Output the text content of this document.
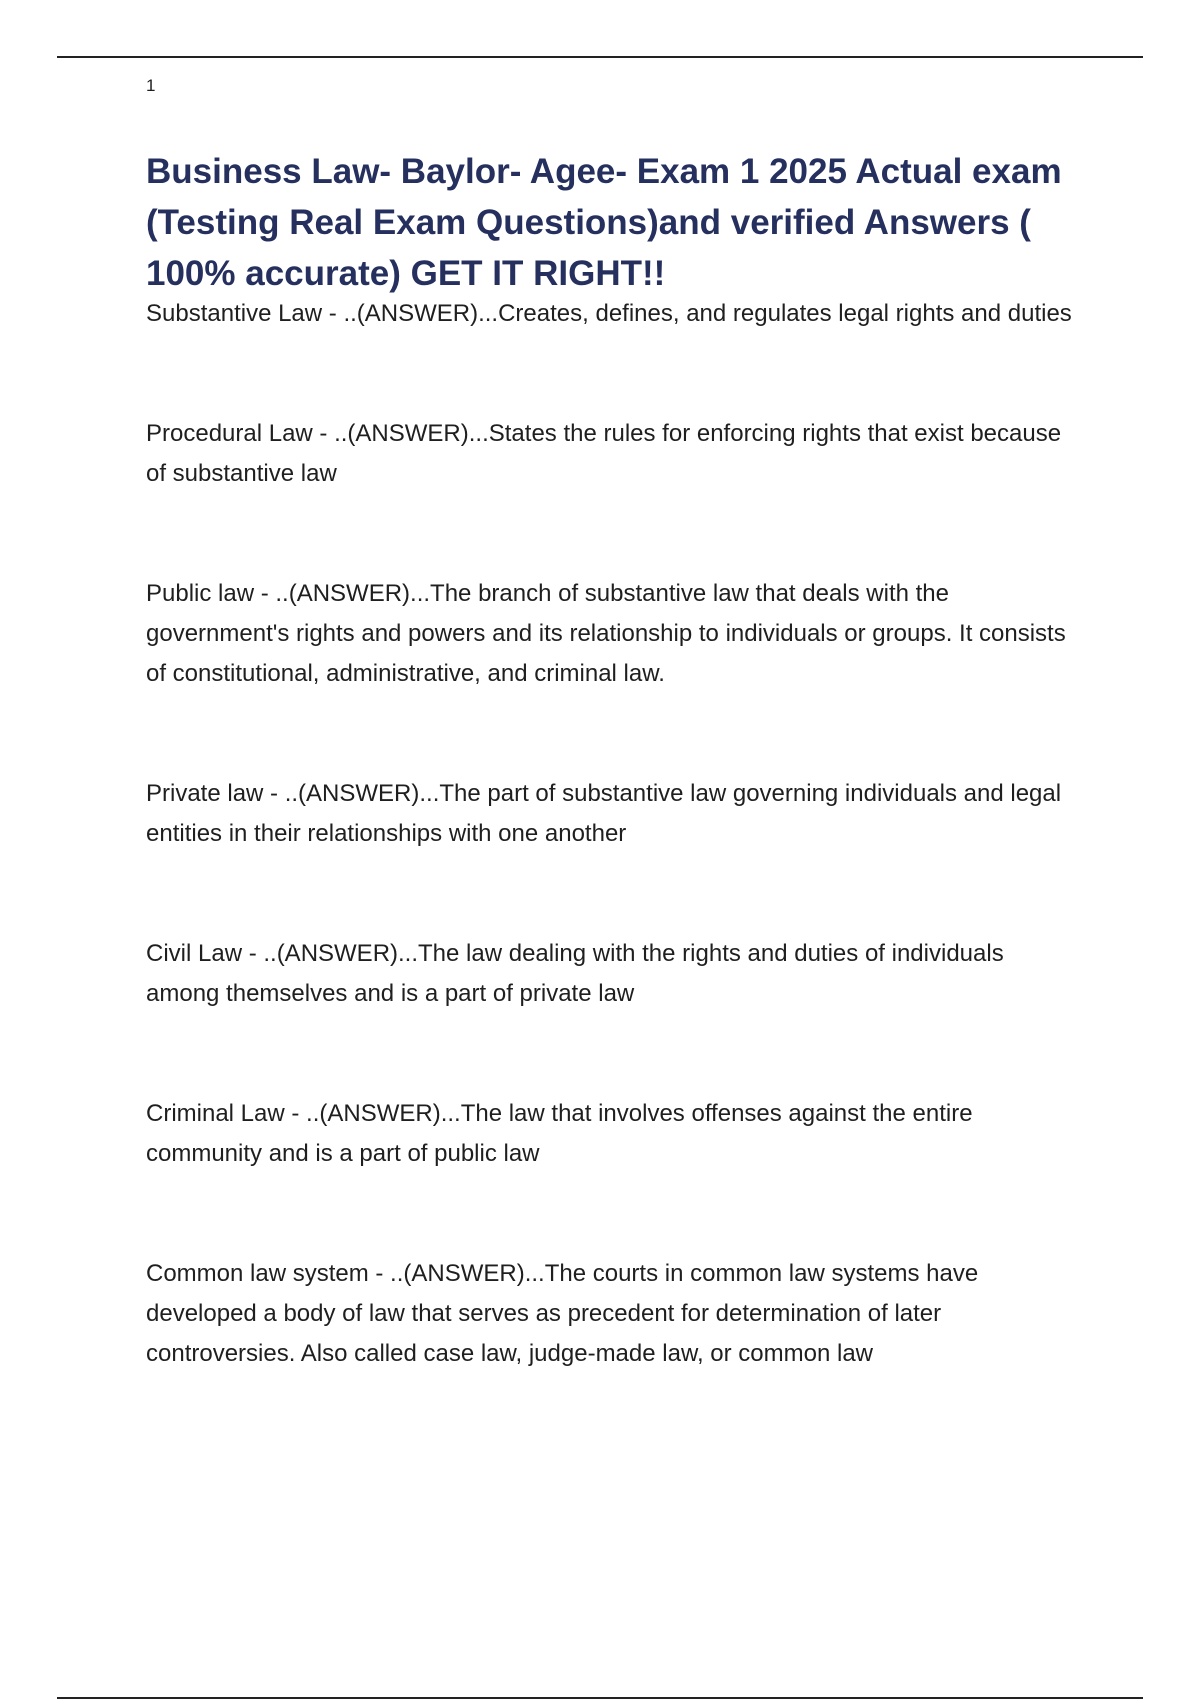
1
Business Law- Baylor- Agee- Exam 1 2025 Actual exam (Testing Real Exam Questions)and verified Answers ( 100% accurate) GET IT RIGHT!!
Substantive Law - ..(ANSWER)...Creates, defines, and regulates legal rights and duties
Procedural Law - ..(ANSWER)...States the rules for enforcing rights that exist because of substantive law
Public law - ..(ANSWER)...The branch of substantive law that deals with the government's rights and powers and its relationship to individuals or groups. It consists of constitutional, administrative, and criminal law.
Private law - ..(ANSWER)...The part of substantive law governing individuals and legal entities in their relationships with one another
Civil Law - ..(ANSWER)...The law dealing with the rights and duties of individuals among themselves and is a part of private law
Criminal Law - ..(ANSWER)...The law that involves offenses against the entire community and is a part of public law
Common law system - ..(ANSWER)...The courts in common law systems have developed a body of law that serves as precedent for determination of later controversies. Also called case law, judge-made law, or common law
